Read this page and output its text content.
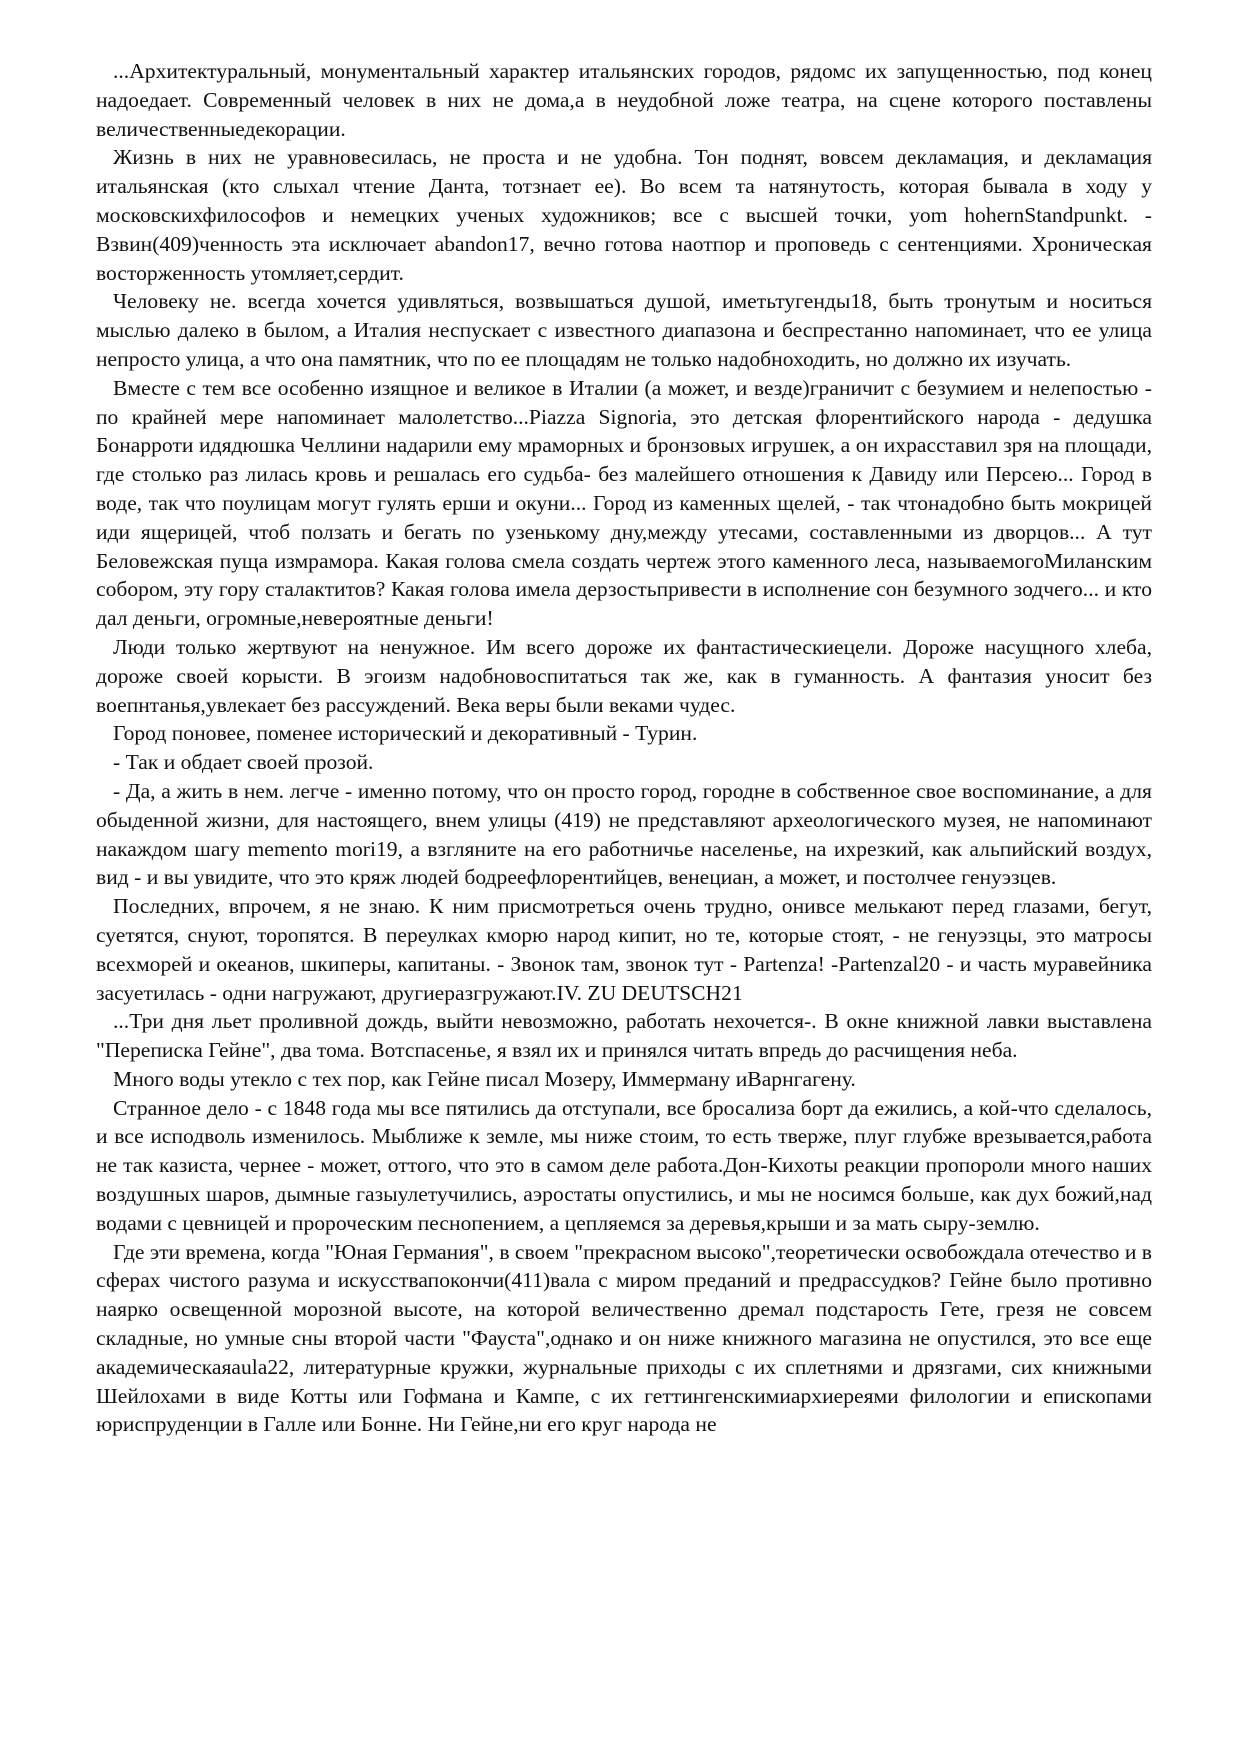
...Архитектуральный, монументальный характер итальянских городов, рядомс их запущенностью, под конец надоедает. Современный человек в них не дома,а в неудобной ложе театра, на сцене которого поставлены величественныедекорации.

Жизнь в них не уравновесилась, не проста и не удобна. Тон поднят, вовсем декламация, и декламация итальянская (кто слыхал чтение Данта, тотзнает ее). Во всем та натянутость, которая бывала в ходу у московскихфилософов и немецких ученых художников; все с высшей точки, yom hohernStandpunkt. - Взвин(409)ченность эта исключает abandon17, вечно готова наотпор и проповедь с сентенциями. Хроническая восторженность утомляет,сердит.

Человеку не. всегда хочется удивляться, возвышаться душой, иметьтугенды18, быть тронутым и носиться мыслью далеко в былом, а Италия неспускает с известного диапазона и беспрестанно напоминает, что ее улица непросто улица, а что она памятник, что по ее площадям не только надобноходить, но должно их изучать.

Вместе с тем все особенно изящное и великое в Италии (а может, и везде)граничит с безумием и нелепостью - по крайней мере напоминает малолетство...Piazza Signoria, это детская флорентийского народа - дедушка Бонарроти идядюшка Челлини надарили ему мраморных и бронзовых игрушек, а он ихрасставил зря на площади, где столько раз лилась кровь и решалась его судьба- без малейшего отношения к Давиду или Персею... Город в воде, так что поулицам могут гулять ерши и окуни... Город из каменных щелей, - так чтонадобно быть мокрицей иди ящерицей, чтоб ползать и бегать по узенькому дну,между утесами, составленными из дворцов... А тут Беловежская пуща измрамора. Какая голова смела создать чертеж этого каменного леса, называемогоМиланским собором, эту гору сталактитов? Какая голова имела дерзостьпривести в исполнение сон безумного зодчего... и кто дал деньги, огромные,невероятные деньги!

Люди только жертвуют на ненужное. Им всего дороже их фантастическиецели. Дороже насущного хлеба, дороже своей корысти. В эгоизм надобновоспитаться так же, как в гуманность. А фантазия уносит без воепнтанья,увлекает без рассуждений. Века веры были веками чудес.

Город поновее, поменее исторический и декоративный - Турин.

- Так и обдает своей прозой.

- Да, а жить в нем. легче - именно потому, что он просто город, городне в собственное свое воспоминание, а для обыденной жизни, для настоящего, внем улицы (419) не представляют археологического музея, не напоминают накаждом шагу memento mori19, а взгляните на его работничье населенье, на ихрезкий, как альпийский воздух, вид - и вы увидите, что это кряж людей бодреефлорентийцев, венециан, а может, и постолчее генуэзцев.

Последних, впрочем, я не знаю. К ним присмотреться очень трудно, онивсе мелькают перед глазами, бегут, суетятся, снуют, торопятся. В переулках кморю народ кипит, но те, которые стоят, - не генуэзцы, это матросы всехморей и океанов, шкиперы, капитаны. - Звонок там, звонок тут - Partenza! -Partenzal20 - и часть муравейника засуетилась - одни нагружают, другиеразгружают.IV. ZU DEUTSCH21

...Три дня льет проливной дождь, выйти невозможно, работать нехочется-. В окне книжной лавки выставлена "Переписка Гейне", два тома. Вотспасенье, я взял их и принялся читать впредь до расчищения неба.

Много воды утекло с тех пор, как Гейне писал Мозеру, Иммерману иВарнгагену.

Странное дело - с 1848 года мы все пятились да отступали, все бросализа борт да ежились, а кой-что сделалось, и все исподволь изменилось. Мыближе к земле, мы ниже стоим, то есть тверже, плуг глубже врезывается,работа не так казиста, чернее - может, оттого, что это в самом деле работа.Дон-Кихоты реакции пропороли много наших воздушных шаров, дымные газыулетучились, аэростаты опустились, и мы не носимся больше, как дух божий,над водами с цевницей и пророческим песнопением, а цепляемся за деревья,крыши и за мать сыру-землю.

Где эти времена, когда "Юная Германия", в своем "прекрасном высоко",теоретически освобождала отечество и в сферах чистого разума и искусствапокончи(411)вала с миром преданий и предрассудков? Гейне было противно наярко освещенной морозной высоте, на которой величественно дремал подстарость Гете, грезя не совсем складные, но умные сны второй части "Фауста",однако и он ниже книжного магазина не опустился, это все еще академическаяaula22, литературные кружки, журнальные приходы с их сплетнями и дрязгами, сих книжными Шейлохами в виде Котты или Гофмана и Кампе, с их геттингенскимиархиереями филологии и епископами юриспруденции в Галле или Бонне. Ни Гейне,ни его круг народа не
